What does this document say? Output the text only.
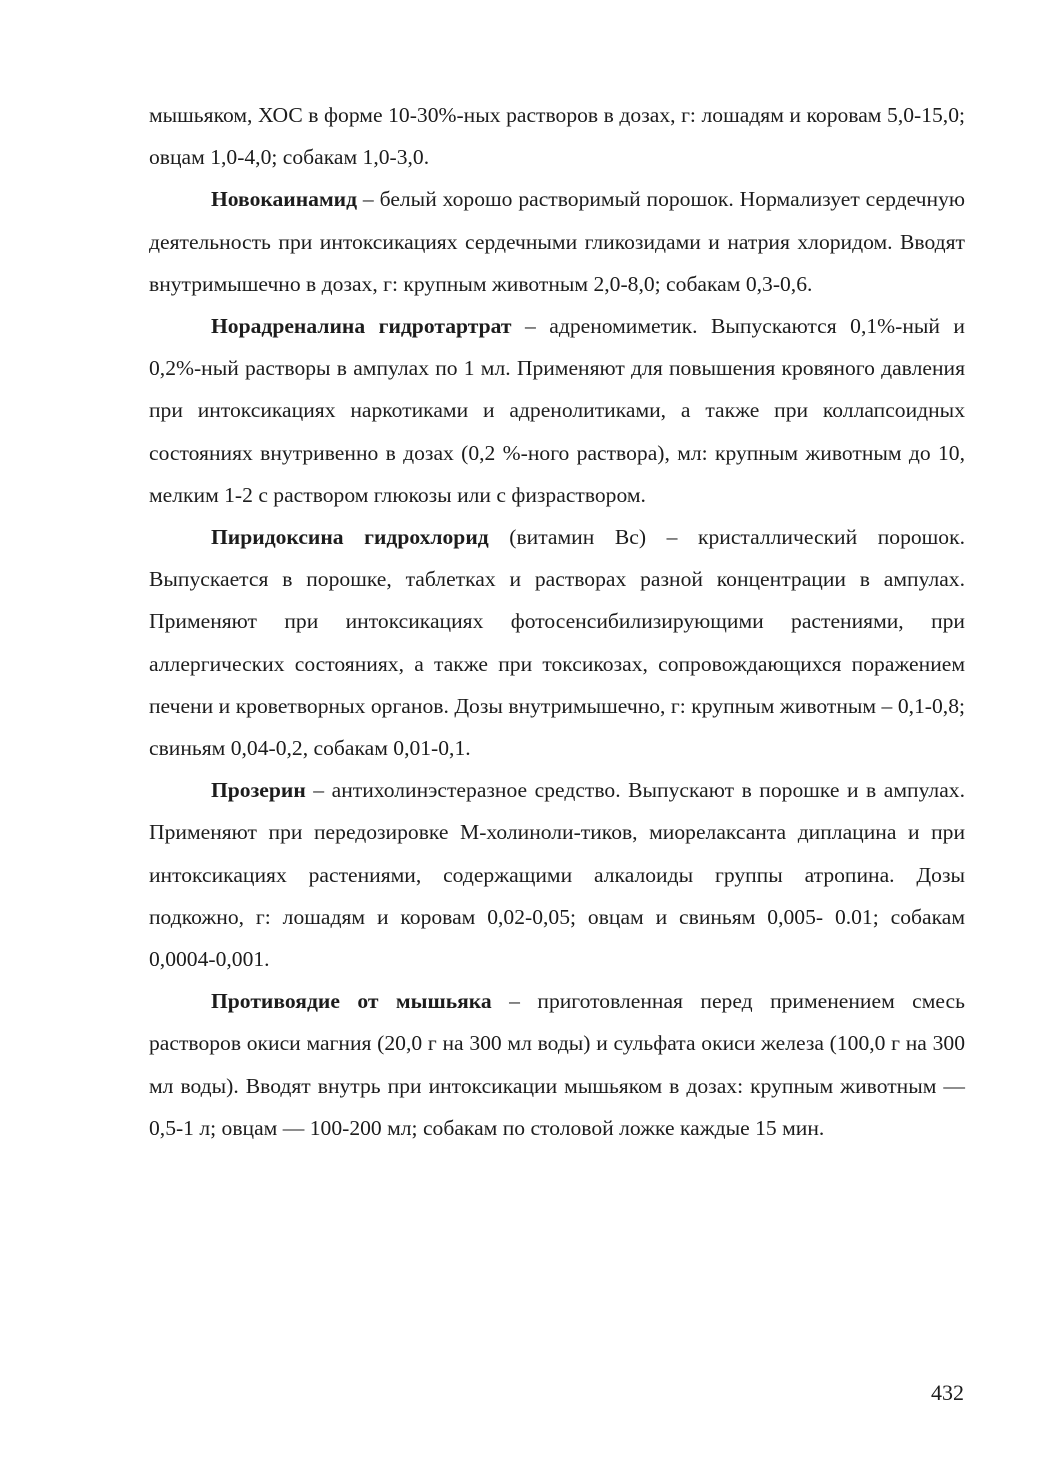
мышьяком, ХОС в форме 10-30%-ных растворов в дозах, г: лошадям и коровам 5,0-15,0; овцам 1,0-4,0; собакам 1,0-3,0.

Новокаинамид – белый хорошо растворимый порошок. Нормализует сердечную деятельность при интоксикациях сердечными гликозидами и натрия хлоридом. Вводят внутримышечно в дозах, г: крупным животным 2,0-8,0; собакам 0,3-0,6.

Норадреналина гидротартрат – адреномиметик. Выпускаются 0,1%-ный и 0,2%-ный растворы в ампулах по 1 мл. Применяют для повышения кровяного давления при интоксикациях наркотиками и адренолитиками, а также при коллапсоидных состояниях внутривенно в дозах (0,2 %-ного раствора), мл: крупным животным до 10, мелким 1-2 с раствором глюкозы или с физраствором.

Пиридоксина гидрохлорид (витамин Вс) – кристаллический порошок. Выпускается в порошке, таблетках и растворах разной концентрации в ампулах. Применяют при интоксикациях фотосенсибилизирующими растениями, при аллергических состояниях, а также при токсикозах, сопровождающихся поражением печени и кроветворных органов. Дозы внутримышечно, г: крупным животным – 0,1-0,8; свиньям 0,04-0,2, собакам 0,01-0,1.

Прозерин – антихолинэстеразное средство. Выпускают в порошке и в ампулах. Применяют при передозировке М-холиноли-тиков, миорелаксанта диплацина и при интоксикациях растениями, содержащими алкалоиды группы атропина. Дозы подкожно, г: лошадям и коровам 0,02-0,05; овцам и свиньям 0,005- 0.01; собакам 0,0004-0,001.

Противоядие от мышьяка – приготовленная перед применением смесь растворов окиси магния (20,0 г на 300 мл воды) и сульфата окиси железа (100,0 г на 300 мл воды). Вводят внутрь при интоксикации мышьяком в дозах: крупным животным — 0,5-1 л; овцам — 100-200 мл; собакам по столовой ложке каждые 15 мин.

432
